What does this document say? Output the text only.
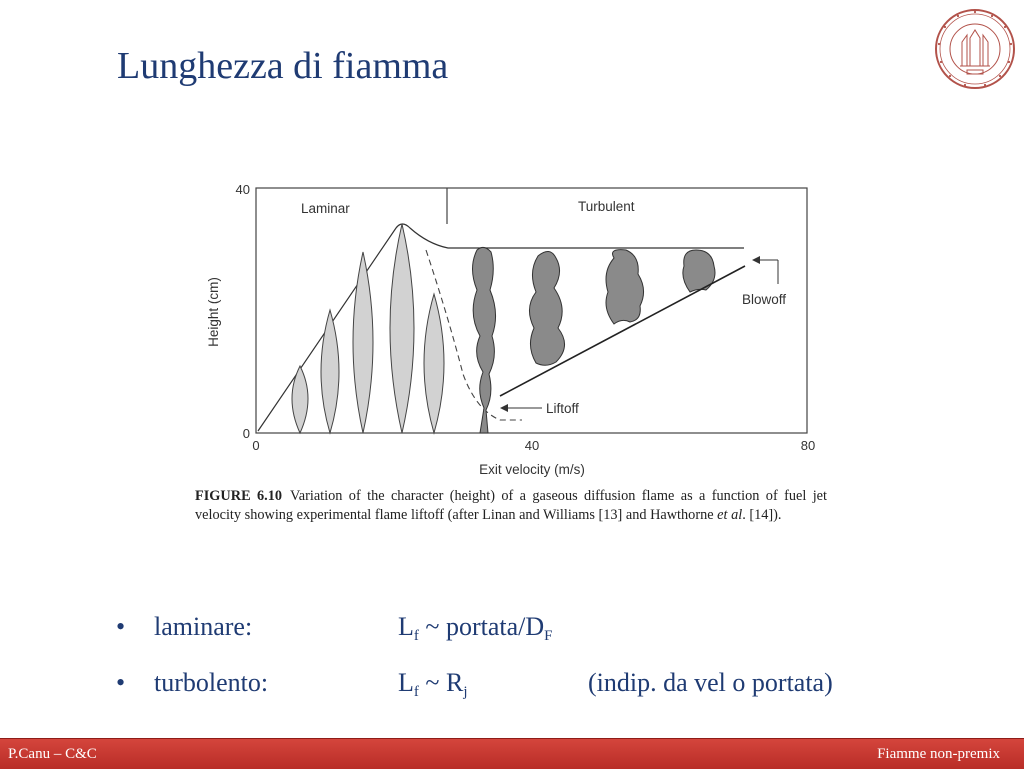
Lunghezza di fiamma
40
0
0	40	80
Height (cm)
Exit velocity (m/s)
Laminar	Turbulent
Blowoff
Liftoff
FIGURE 6.10 Variation of the character (height) of a gaseous diffusion flame as a function of fuel jet velocity showing experimental flame liftoff (after Linan and Williams [13] and Hawthorne et al. [14]).
• laminare:	$L_f$ ~ portata/$D_F$
• turbolento:	$L_f$ ~ $R_j$	(indip. da vel o portata)
P.Canu – C&C	Fiamme non-premix
